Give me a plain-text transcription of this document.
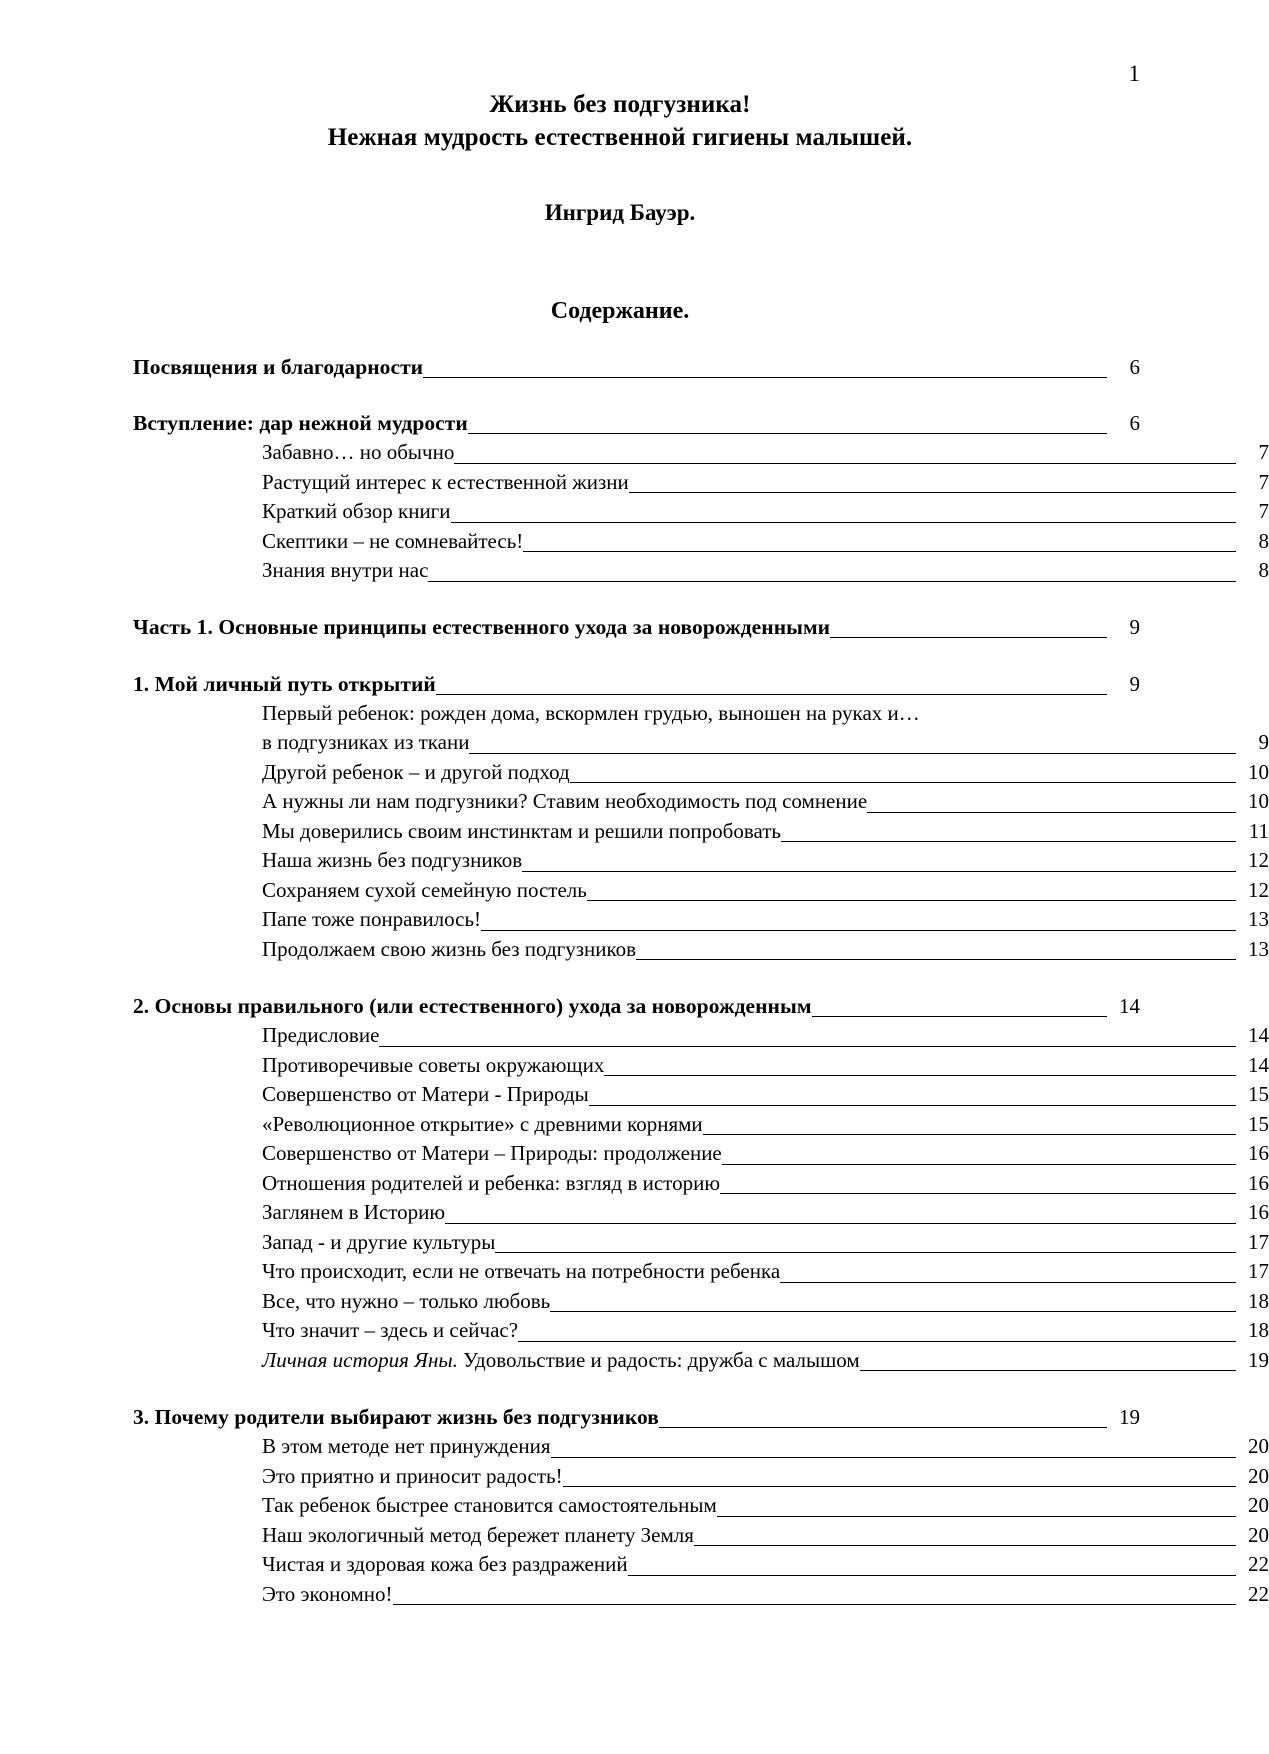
1
Жизнь без подгузника!
Нежная мудрость естественной гигиены малышей.
Ингрид Бауэр.
Содержание.
Посвящения и благодарности	6
Вступление: дар нежной мудрости	6
Забавно… но обычно	7
Растущий интерес к естественной жизни	7
Краткий обзор книги	7
Скептики – не сомневайтесь!	8
Знания внутри нас	8
Часть 1. Основные принципы естественного ухода за новорожденными	9
1. Мой личный путь открытий	9
Первый ребенок: рожден дома, вскормлен грудью, выношен на руках и…
в подгузниках из ткани	9
Другой ребенок – и другой подход	10
А нужны ли нам подгузники? Ставим необходимость под сомнение	10
Мы доверились своим инстинктам и решили попробовать	11
Наша жизнь без подгузников	12
Сохраняем сухой семейную постель	12
Папе тоже понравилось!	13
Продолжаем свою жизнь без подгузников	13
2. Основы правильного (или естественного) ухода за новорожденным	14
Предисловие	14
Противоречивые советы окружающих	14
Совершенство от Матери - Природы	15
«Революционное открытие» с древними корнями	15
Совершенство от Матери – Природы: продолжение	16
Отношения родителей и ребенка: взгляд в историю	16
Заглянем в Историю	16
Запад - и другие культуры	17
Что происходит, если не отвечать на потребности ребенка	17
Все, что нужно – только любовь	18
Что значит – здесь и сейчас?	18
Личная история Яны. Удовольствие и радость: дружба с малышом	19
3. Почему родители выбирают жизнь без подгузников	19
В этом методе нет принуждения	20
Это приятно и приносит радость!	20
Так ребенок быстрее становится самостоятельным	20
Наш экологичный метод бережет планету Земля	20
Чистая и здоровая кожа без раздражений	22
Это экономно!	22
